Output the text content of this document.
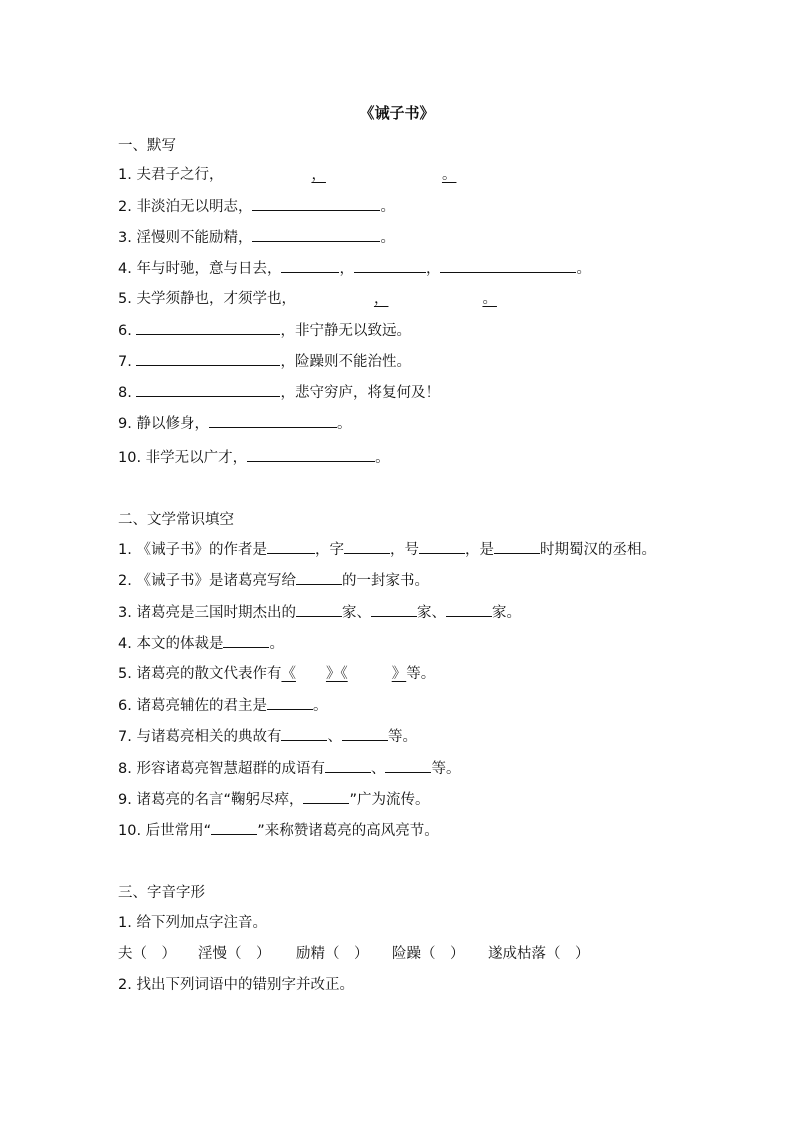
《诫子书》
一、默写
1. 夫君子之行，	，	。
2. 非淡泊无以明志，	。
3. 淫慢则不能励精，	。
4. 年与时驰，意与日去，	，	，	。
5. 夫学须静也，才须学也，	，	。
6.	，非宁静无以致远。
7.	，险躁则不能治性。
8.	，悲守穷庐，将复何及！
9. 静以修身，	。
10. 非学无以广才，	。
二、文学常识填空
1. 《诫子书》的作者是	，字	，号	，是	时期蜀汉的丞相。
2. 《诫子书》是诸葛亮写给	的一封家书。
3. 诸葛亮是三国时期杰出的	家、	家、	家。
4. 本文的体裁是	。
5. 诸葛亮的散文代表作有《 》《	》等。
6. 诸葛亮辅佐的君主是	。
7. 与诸葛亮相关的典故有	、	等。
8. 形容诸葛亮智慧超群的成语有	、	等。
9. 诸葛亮的名言“鞠躬尽瘁，	”广为流传。
10. 后世常用“	”来称赞诸葛亮的高风亮节。
三、字音字形
1. 给下列加点字注音。
夫（　） 淫慢（　） 励精（　） 险躁（　） 遂成枯落（　）
2. 找出下列词语中的错别字并改正。
